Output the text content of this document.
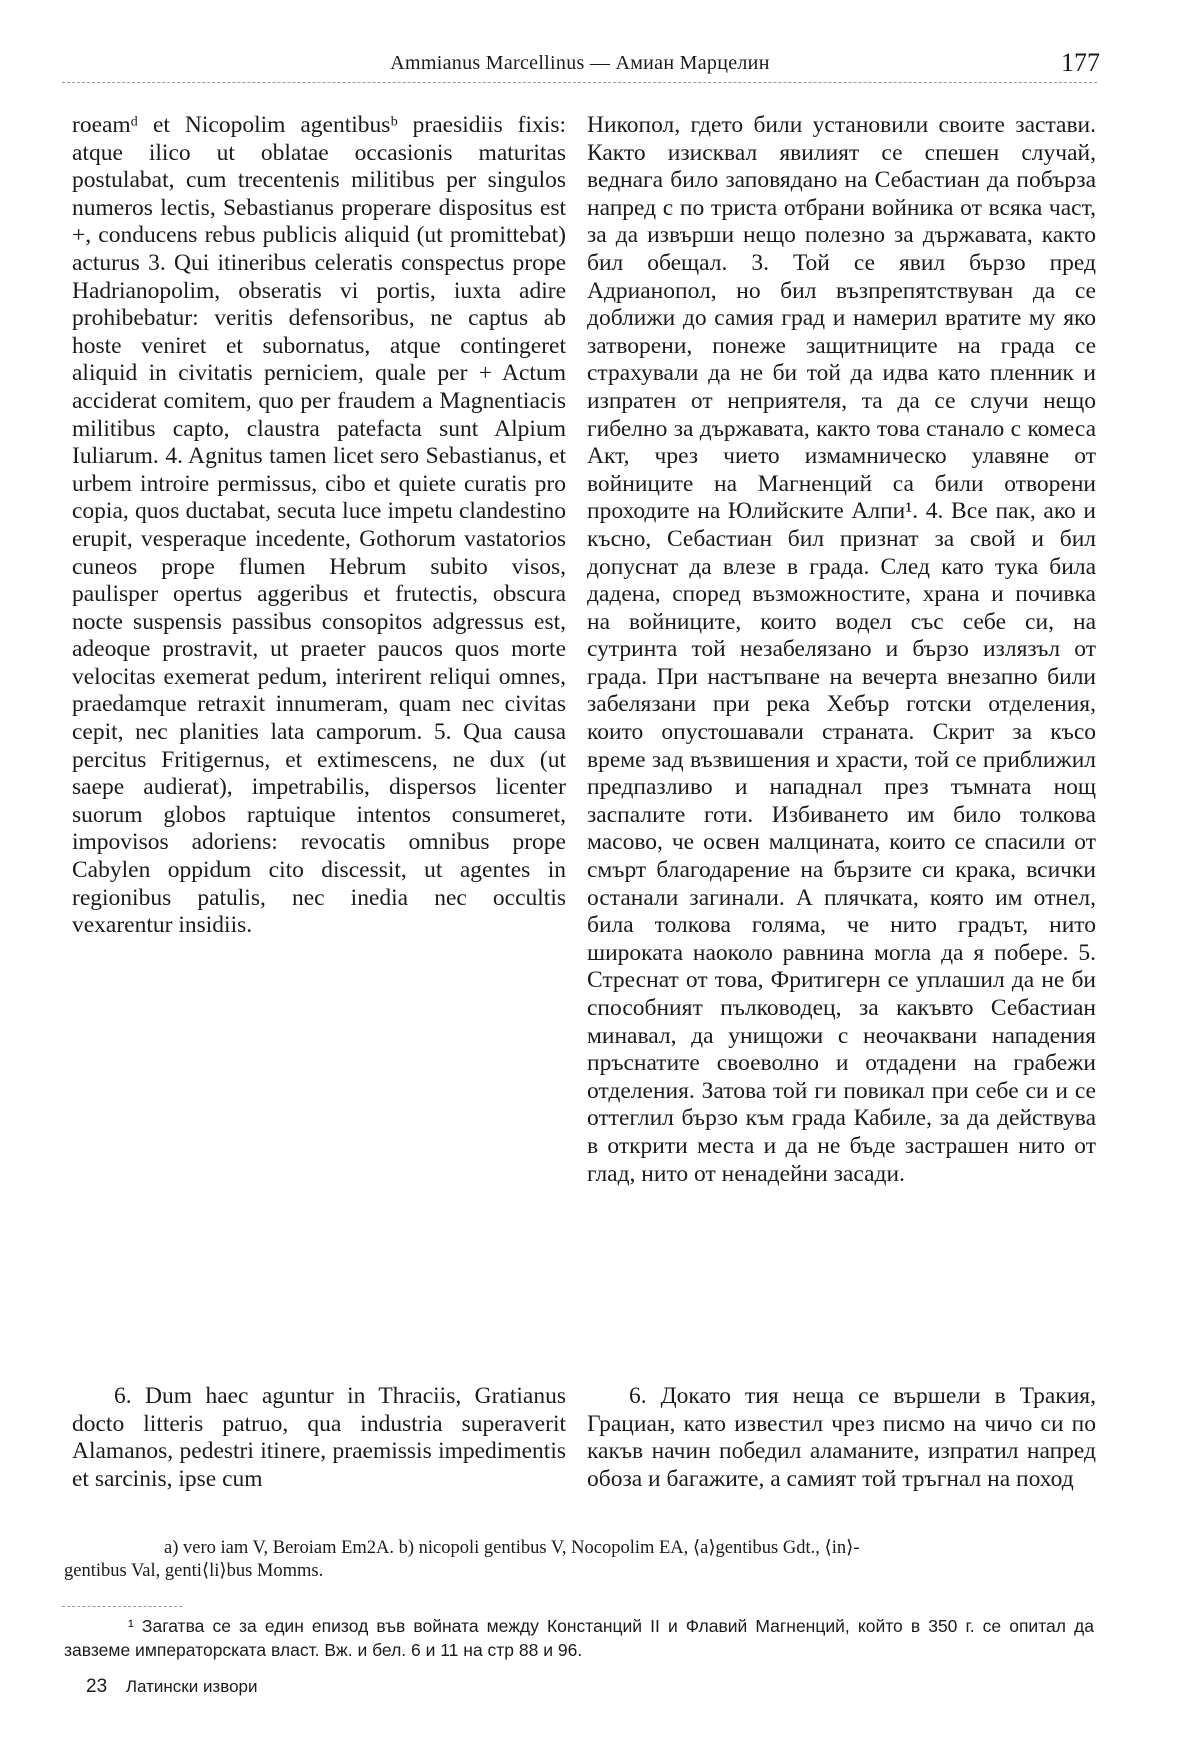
Ammianus Marcellinus — Амиан Марцелин	177

roeamᵈ et Nicopolim agentibusᵇ praesidiis fixis: atque ilico ut oblatae occasionis maturitas postulabat, cum trecentenis militibus per singulos numeros lectis, Sebastianus properare dispositus est +, conducens rebus publicis aliquid (ut promittebat) acturus 3. Qui itineribus celeratis conspectus prope Hadrianopolim, obseratis vi portis, iuxta adire prohibebatur: veritis defensoribus, ne captus ab hoste veniret et subornatus, atque contingeret aliquid in civitatis perniciem, quale per + Actum acciderat comitem, quo per fraudem a Magnentiacis militibus capto, claustra patefacta sunt Alpium Iuliarum. 4. Agnitus tamen licet sero Sebastianus, et urbem introire permissus, cibo et quiete curatis pro copia, quos ductabat, secuta luce impetu clandestino erupit, vesperaque incedente, Gothorum vastatorios cuneos prope flumen Hebrum subito visos, paulisper opertus aggeribus et frutectis, obscura nocte suspensis passibus consopitos adgressus est, adeoque prostravit, ut praeter paucos quos morte velocitas exemerat pedum, interirent reliqui omnes, praedamque retraxit innumeram, quam nec civitas cepit, nec planities lata camporum. 5. Qua causa percitus Fritigernus, et extimescens, ne dux (ut saepe audierat), impetrabilis, dispersos licenter suorum globos raptuique intentos consumeret, impovisos adoriens: revocatis omnibus prope Cabylen oppidum cito discessit, ut agentes in regionibus patulis, nec inedia nec occultis vexarentur insidiis.

Никопол, гдето били установили своите застави. Както изисквал явилият се спешен случай, веднага било заповядано на Себастиан да побърза напред с по триста отбрани войника от всяка част, за да извърши нещо полезно за държавата, както бил обещал. 3. Той се явил бързо пред Адрианопол, но бил възпрепятствуван да се доближи до самия град и намерил вратите му яко затворени, понеже защитниците на града се страхували да не би той да идва като пленник и изпратен от неприятеля, та да се случи нещо гибелно за държавата, както това станало с комеса Акт, чрез чието измамническо улавяне от войниците на Магненций са били отворени проходите на Юлийските Алпи¹. 4. Все пак, ако и късно, Себастиан бил признат за свой и бил допуснат да влезе в града. След като тука била дадена, според възможностите, храна и почивка на войниците, които водел със себе си, на сутринта той незабелязано и бързо излязъл от града. При настъпване на вечерта внезапно били забелязани при река Хебър готски отделения, които опустошавали страната. Скрит за късо време зад възвишения и храсти, той се приближил предпазливо и нападнал през тъмната нощ заспалите готи. Избиването им било толкова масово, че освен малцината, които се спасили от смърт благодарение на бързите си крака, всички останали загинали. А плячката, която им отнел, била толкова голяма, че нито градът, нито широката наоколо равнина могла да я побере. 5. Стреснат от това, Фритигерн се уплашил да не би способният пълководец, за какъвто Себастиан минавал, да унищожи с неочаквани нападения пръснатите своеволно и отдадени на грабежи отделения. Затова той ги повикал при себе си и се оттеглил бързо към града Кабиле, за да действува в открити места и да не бъде застрашен нито от глад, нито от ненадейни засади.

6. Dum haec aguntur in Thraciis, Gratianus docto litteris patruo, qua industria superaverit Alamanos, pedestri itinere, praemissis impedimentis et sarcinis, ipse cum

6. Докато тия неща се вършели в Тракия, Грациан, като известил чрез писмо на чичо си по какъв начин победил аламаните, изпратил напред обоза и багажите, а самият той тръгнал на поход

a) vero iam V, Beroiam Em2A. b) nicopoli gentibus V, Nocopolim EA, ⟨a⟩gentibus Gdt., ⟨in⟩-
gentibus Val, genti⟨li⟩bus Momms.
¹ Загатва се за един епизод във войната между Констанций II и Флавий Магненций, който в 350 г. се опитал да завземе императорската власт. Вж. и бел. 6 и 11 на стр 88 и 96.
23 Латински извори
